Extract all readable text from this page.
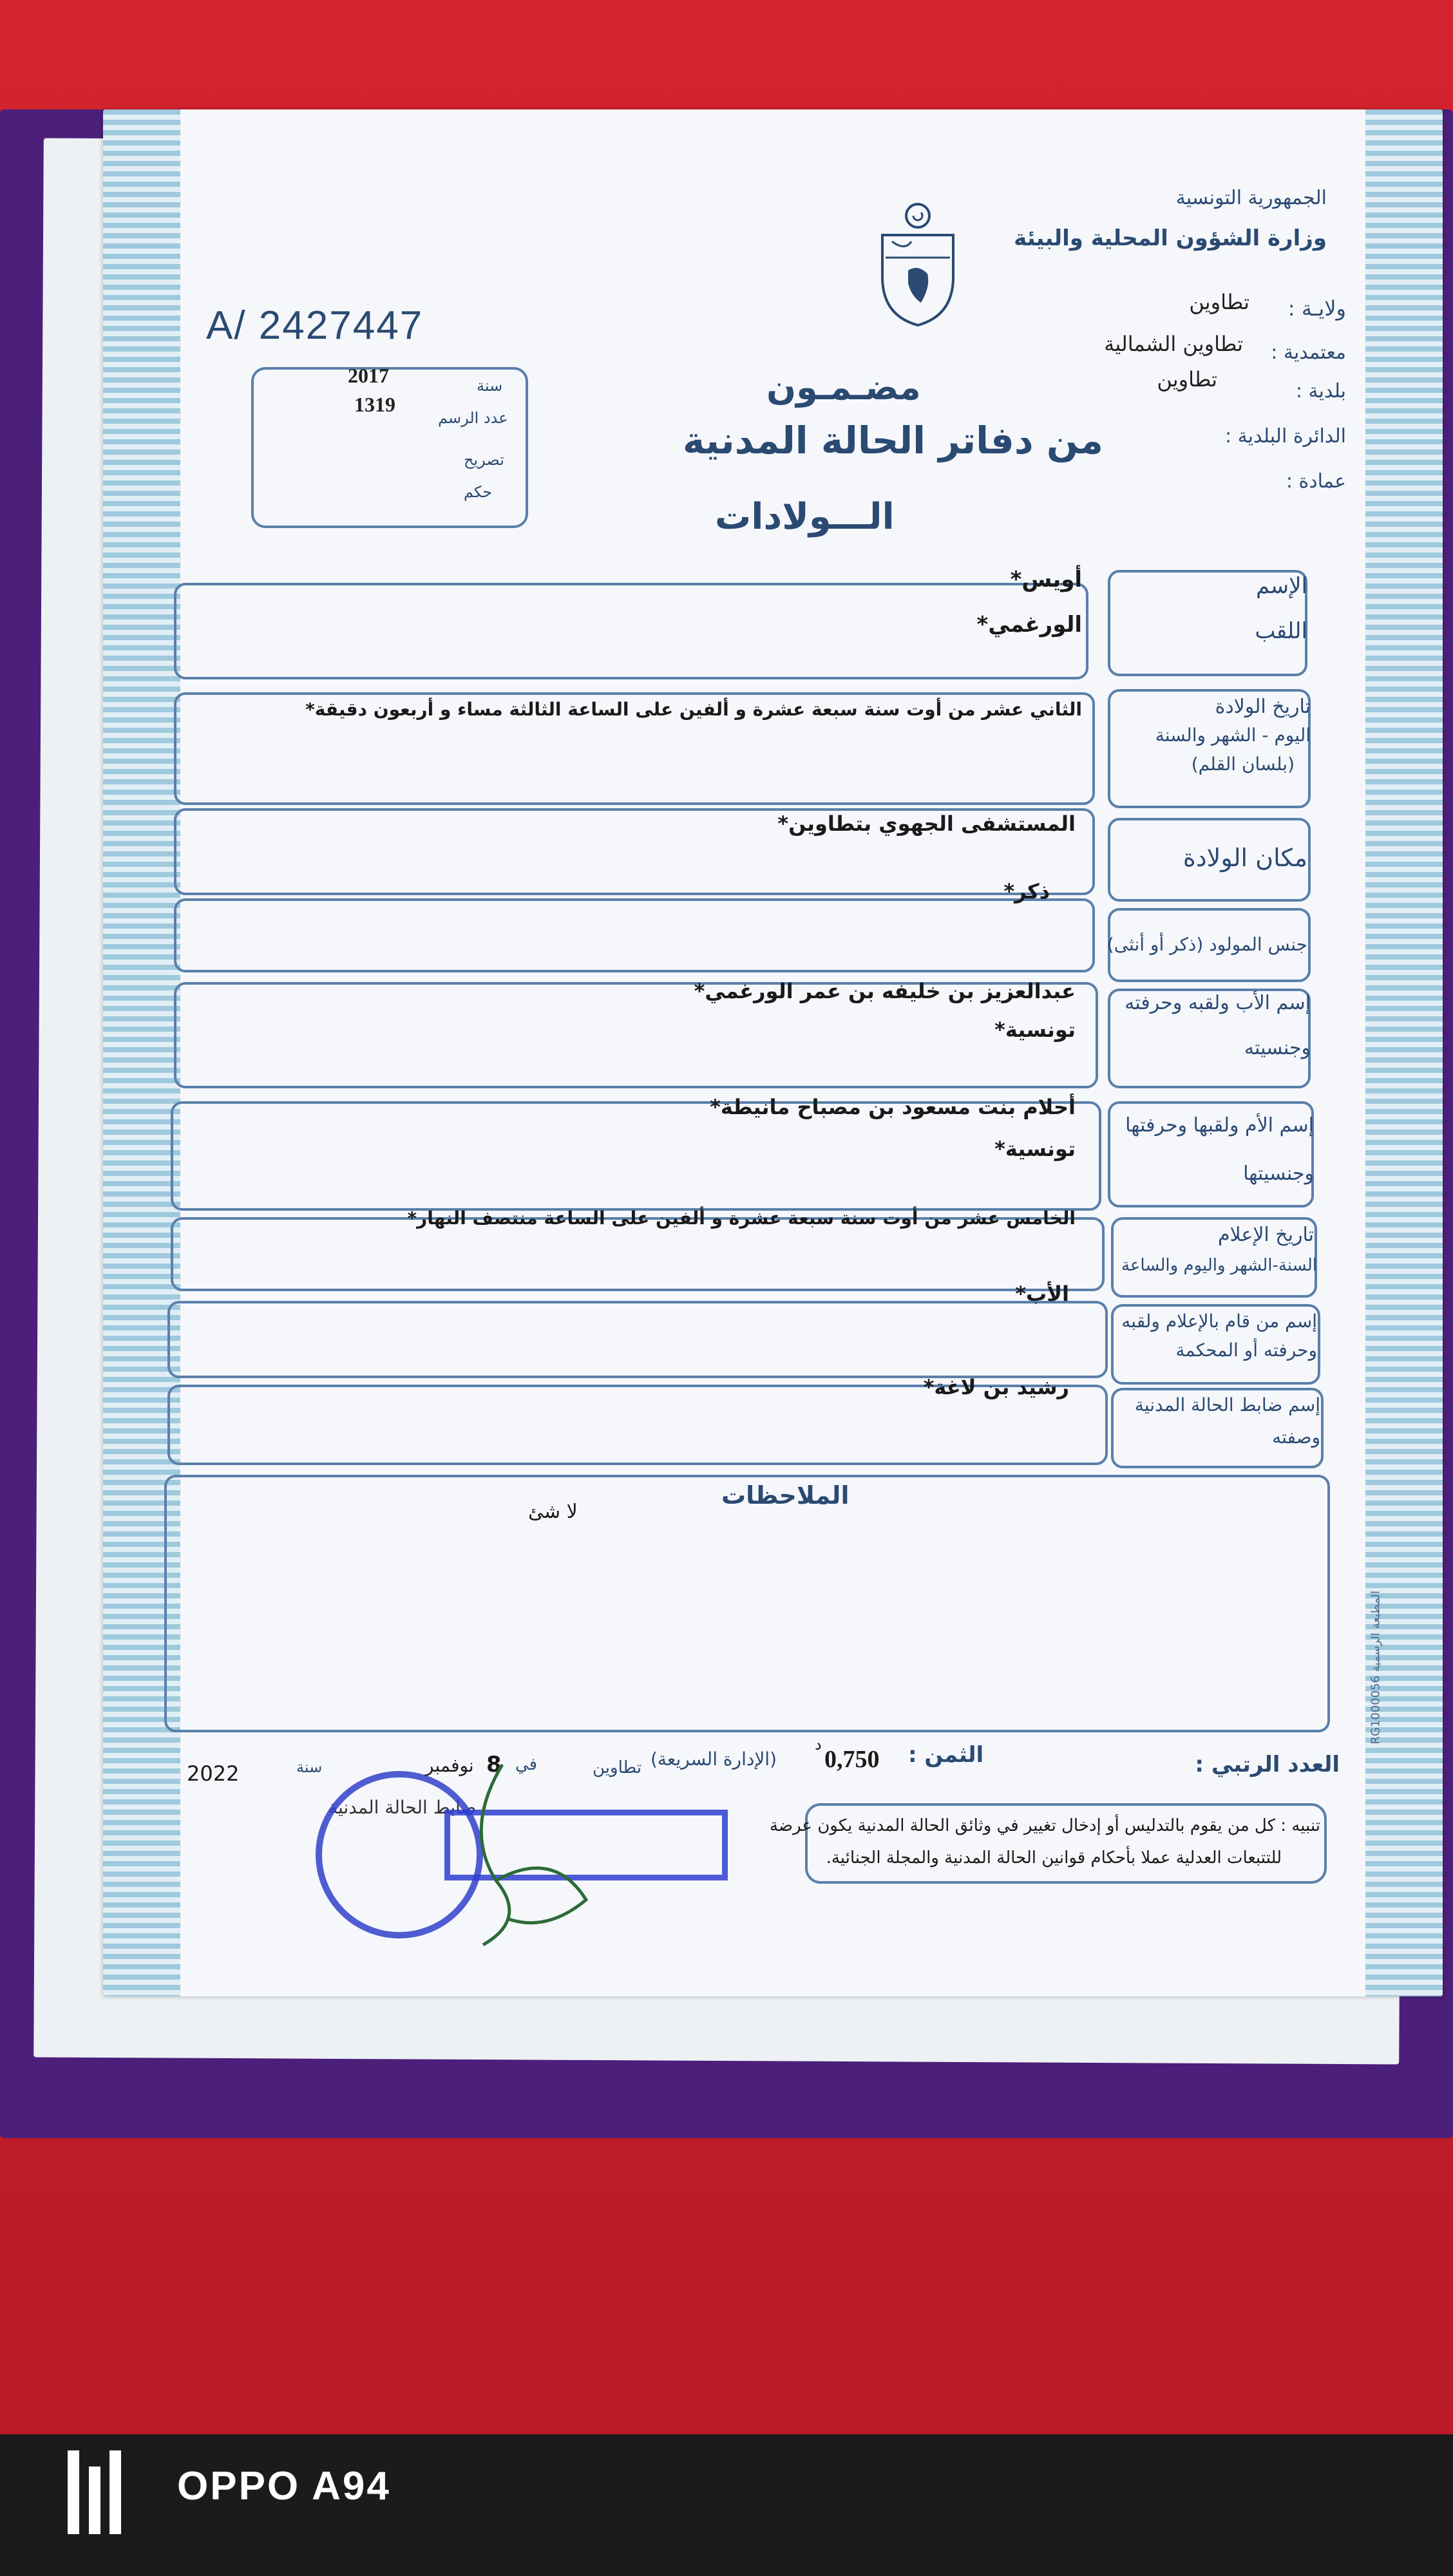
الجمهورية التونسية
وزارة الشؤون المحلية والبيئة
ولايـة :
تطاوين
معتمدية :
تطاوين الشمالية
بلدية :
تطاوين
الدائرة البلدية :
عمادة :
A/ 2427447
سنة
2017
عدد الرسم
1319
تصريح
حكم
مضـمـون
من دفاتر الحالة المدنية
الـــولادات
الإسم
اللقب
أويس*
الورغمي*
تاريخ الولادة
اليوم - الشهر والسنة
(بلسان القلم)
الثاني عشر من أوت سنة سبعة عشرة و ألفين على الساعة الثالثة مساء و أربعون دقيقة*
مكان الولادة
المستشفى الجهوي بتطاوين*
جنس المولود (ذكر أو أنثى)
ذكر*
إسم الأب ولقبه وحرفته
وجنسيته
عبدالعزيز بن خليفه بن عمر الورغمي*
تونسية*
إسم الأم ولقبها وحرفتها
وجنسيتها
أحلام بنت مسعود بن مصباح مانيطة*
تونسية*
تاريخ الإعلام
السنة-الشهر واليوم والساعة
الخامس عشر من أوت سنة سبعة عشرة و ألفين على الساعة منتصف النهار*
إسم من قام بالإعلام ولقبه
وحرفته أو المحكمة
الأب*
إسم ضابط الحالة المدنية
وصفته
رشيد بن لاغة*
الملاحظات
لا شئ
المطبعة الرسمية RG1000056
العدد الرتبي :
الثمن :
0,750
د
(الإدارة السريعة)
تطاوين
في
8
نوفمبر
سنة
2022
ضابط الحالة المدنية
تنبيه : كل من يقوم بالتدليس أو إدخال تغيير في وثائق الحالة المدنية يكون عرضة
للتتبعات العدلية عملا بأحكام قوانين الحالة المدنية والمجلة الجنائية.
OPPO A94
